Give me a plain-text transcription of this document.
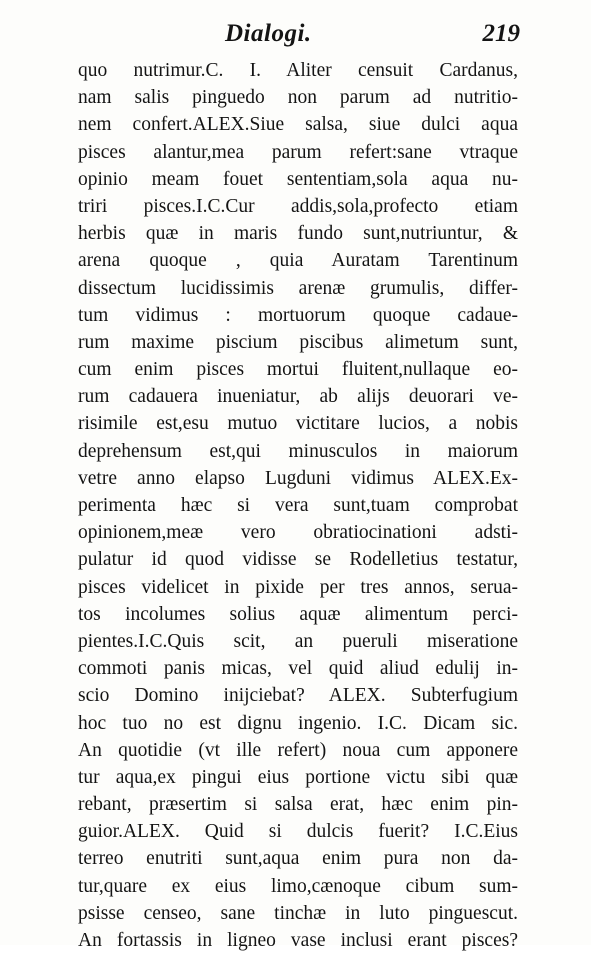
Dialogi.	219
quo nutrimur.C. I. Aliter censuit Cardanus,
nam salis pinguedo non parum ad nutritio-
nem confert.ALEX.Siue salsa, siue dulci aqua
pisces alantur,mea parum refert:sane vtraque
opinio meam fouet sententiam,sola aqua nu-
triri pisces.I.C.Cur addis,sola,profecto etiam
herbis quæ in maris fundo sunt,nutriuntur, &
arena quoque , quia Auratam Tarentinum
dissectum lucidissimis arenæ grumulis, differ-
tum vidimus : mortuorum quoque cadaue-
rum maxime piscium piscibus alimetum sunt,
cum enim pisces mortui fluitent,nullaque eo-
rum cadauera inueniatur, ab alijs deuorari ve-
risimile est,esu mutuo victitare lucios, a nobis
deprehensum est,qui minusculos in maiorum
vetre anno elapso Lugduni vidimus ALEX.Ex-
perimenta hæc si vera sunt,tuam comprobat
opinionem,meæ vero obratiocinationi adsti-
pulatur id quod vidisse se Rodelletius testatur,
pisces videlicet in pixide per tres annos, serua-
tos incolumes solius aquæ alimentum perci-
pientes.I.C.Quis scit, an pueruli miseratione
commoti panis micas, vel quid aliud edulij in-
scio Domino inijciebat? ALEX. Subterfugium
hoc tuo no est dignu ingenio. I.C. Dicam sic.
An quotidie (vt ille refert) noua cum apponere
tur aqua,ex pingui eius portione victu sibi quæ
rebant, præsertim si salsa erat, hæc enim pin-
guior.ALEX. Quid si dulcis fuerit? I.C.Eius
terreo enutriti sunt,aqua enim pura non da-
tur,quare ex eius limo,cænoque cibum sum-
psisse censeo, sane tinchæ in luto pinguescut.
An fortassis in ligneo vase inclusi erant pisces?
